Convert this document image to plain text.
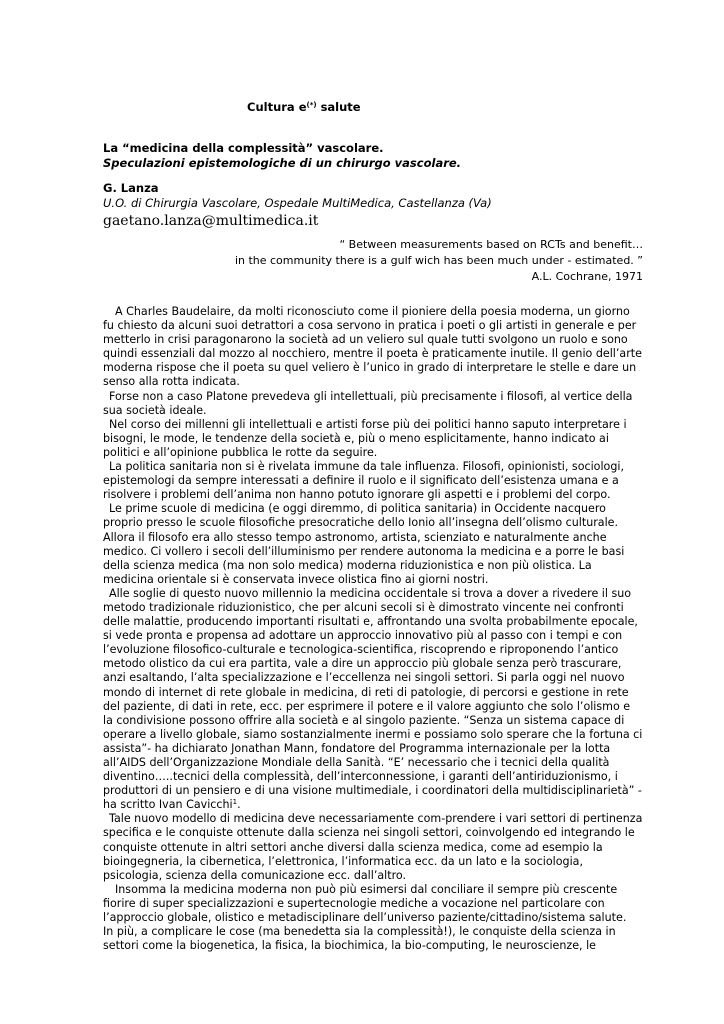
Cultura e(*) salute
La “medicina della complessità” vascolare.
Speculazioni epistemologiche di un chirurgo vascolare.
G. Lanza
U.O. di Chirurgia Vascolare, Ospedale MultiMedica, Castellanza (Va)
gaetano.lanza@multimedica.it
“ Between measurements based on RCTs and benefit…
in the community there is a gulf wich has been much under - estimated. ”
A.L. Cochrane, 1971

A Charles Baudelaire, da molti riconosciuto come il pioniere della poesia moderna, un giorno fu chiesto da alcuni suoi detrattori a cosa servono in pratica i poeti o gli artisti in generale e per metterlo in crisi paragonarono la società ad un veliero sul quale tutti svolgono un ruolo e sono quindi essenziali dal mozzo al nocchiero, mentre il poeta è praticamente inutile. Il genio dell’arte moderna rispose che il poeta su quel veliero è l’unico in grado di interpretare le stelle e dare un senso alla rotta indicata.

Forse non a caso Platone prevedeva gli intellettuali, più precisamente i filosofi, al vertice della sua società ideale.

Nel corso dei millenni gli intellettuali e artisti forse più dei politici hanno saputo interpretare i bisogni, le mode, le tendenze della società e, più o meno esplicitamente, hanno indicato ai politici e all’opinione pubblica le rotte da seguire.

La politica sanitaria non si è rivelata immune da tale influenza. Filosofi, opinionisti, sociologi, epistemologi da sempre interessati a definire il ruolo e il significato dell’esistenza umana e a risolvere i problemi dell’anima non hanno potuto ignorare gli aspetti e i problemi del corpo.

Le prime scuole di medicina (e oggi diremmo, di politica sanitaria) in Occidente nacquero proprio presso le scuole filosofiche presocratiche dello Ionio all’insegna dell’olismo culturale. Allora il filosofo era allo stesso tempo astronomo, artista, scienziato e naturalmente anche medico. Ci vollero i secoli dell’illuminismo per rendere autonoma la medicina e a porre le basi della scienza medica (ma non solo medica) moderna riduzionistica e non più olistica. La medicina orientale si è conservata invece olistica fino ai giorni nostri.

Alle soglie di questo nuovo millennio la medicina occidentale si trova a dover a rivedere il suo metodo tradizionale riduzionistico, che per alcuni secoli si è dimostrato vincente nei confronti delle malattie, producendo importanti risultati e, affrontando una svolta probabilmente epocale, si vede pronta e propensa ad adottare un approccio innovativo più al passo con i tempi e con l’evoluzione filosofico-culturale e tecnologica-scientifica, riscoprendo e riproponendo l’antico metodo olistico da cui era partita, vale a dire un approccio più globale senza però trascurare, anzi esaltando, l’alta specializzazione e l’eccellenza nei singoli settori. Si parla oggi nel nuovo mondo di internet di rete globale in medicina, di reti di patologie, di percorsi e gestione in rete del paziente, di dati in rete, ecc. per esprimere il potere e il valore aggiunto che solo l’olismo e la condivisione possono offrire alla società e al singolo paziente. “Senza un sistema capace di operare a livello globale, siamo sostanzialmente inermi e possiamo solo sperare che la fortuna ci assista”- ha dichiarato Jonathan Mann, fondatore del Programma internazionale per la lotta all’AIDS dell’Organizzazione Mondiale della Sanità. “E’ necessario che i tecnici della qualità diventino…..tecnici della complessità, dell’interconnessione, i garanti dell’antiriduzionismo, i produttori di un pensiero e di una visione multimediale, i coordinatori della multidisciplinarietà” - ha scritto Ivan Cavicchi$^1$.

Tale nuovo modello di medicina deve necessariamente com-prendere i vari settori di pertinenza specifica e le conquiste ottenute dalla scienza nei singoli settori, coinvolgendo ed integrando le conquiste ottenute in altri settori anche diversi dalla scienza medica, come ad esempio la bioingegneria, la cibernetica, l’elettronica, l’informatica ecc. da un lato e la sociologia, psicologia, scienza della comunicazione ecc. dall’altro.

Insomma la medicina moderna non può più esimersi dal conciliare il sempre più crescente fiorire di super specializzazioni e supertecnologie mediche a vocazione nel particolare con l’approccio globale, olistico e metadisciplinare dell’universo paziente/cittadino/sistema salute.

In più, a complicare le cose (ma benedetta sia la complessità!), le conquiste della scienza in settori come la biogenetica, la fisica, la biochimica, la bio-computing, le neuroscienze, le
